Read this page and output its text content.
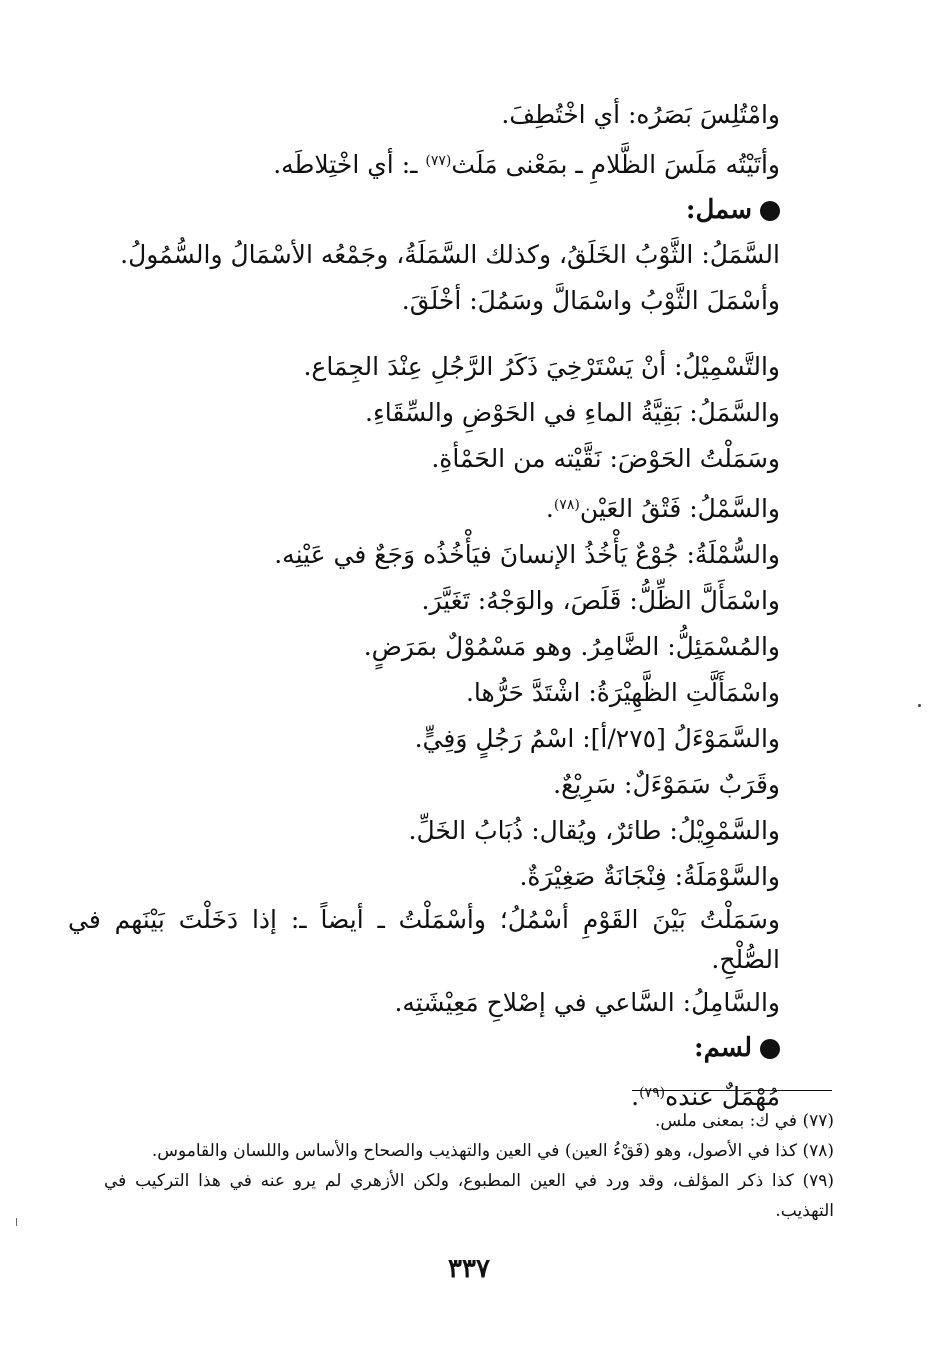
وامْتُلِسَ بَصَرُه: أي اخْتُطِفَ.

وأتَيْتُه مَلَسَ الظَّلامِ ـ بمَعْنى مَلَث$^{(٧٧)}$ ـ: أي اخْتِلاطَه.

سمل:

السَّمَلُ: الثَّوْبُ الخَلَقُ، وكذلك السَّمَلَةُ، وجَمْعُه الأسْمَالُ والسُّمُولُ.

وأسْمَلَ الثَّوْبُ واسْمَالَّ وسَمُلَ: أخْلَقَ.

والتَّسْمِيْلُ: أنْ يَسْتَرْخِيَ ذَكَرُ الرَّجُلِ عِنْدَ الجِمَاع.

والسَّمَلُ: بَقِيَّةُ الماءِ في الحَوْضِ والسِّقَاءِ.

وسَمَلْتُ الحَوْضَ: نَقَّيْته من الحَمْأةِ.

والسَّمْلُ: فَتْقُ العَيْن$^{(٧٨)}$.

والسُّمْلَةُ: جُوْعٌ يَأْخُذُ الإنسانَ فيَأْخُذُه وَجَعٌ في عَيْنِه.

واسْمَأَلَّ الظِّلُّ: قَلَصَ، والوَجْهُ: تَغَيَّرَ.

والمُسْمَئِلُّ: الضَّامِرُ. وهو مَسْمُوْلٌ بمَرَضٍ.

واسْمَأَلَّتِ الظَّهِيْرَةُ: اشْتَدَّ حَرُّها.

والسَّمَوْءَلُ [٢٧٥/أ]: اسْمُ رَجُلٍ وَفِيٍّ.

وقَرَبٌ سَمَوْءَلٌ: سَرِيْعٌ.

والسَّمْوِيْلُ: طائرٌ، ويُقال: ذُبَابُ الخَلِّ.

والسَّوْمَلَةُ: فِنْجَانَةٌ صَغِيْرَةٌ.

وسَمَلْتُ بَيْنَ القَوْمِ أسْمُلُ؛ وأسْمَلْتُ ـ أيضاً ـ: إذا دَخَلْتَ بَيْنَهم في الصُّلْحِ.

والسَّامِلُ: السَّاعي في إصْلاحِ مَعِيْشَتِه.

لسم:

مُهْمَلٌ عنده$^{(٧٩)}$.

(٧٧) في ك: بمعنى ملس.

(٧٨) كذا في الأصول، وهو (فَقْءُ العين) في العين والتهذيب والصحاح والأساس واللسان والقاموس.

(٧٩) كذا ذكر المؤلف، وقد ورد في العين المطبوع، ولكن الأزهري لم يرو عنه في هذا التركيب في التهذيب.

٣٣٧
